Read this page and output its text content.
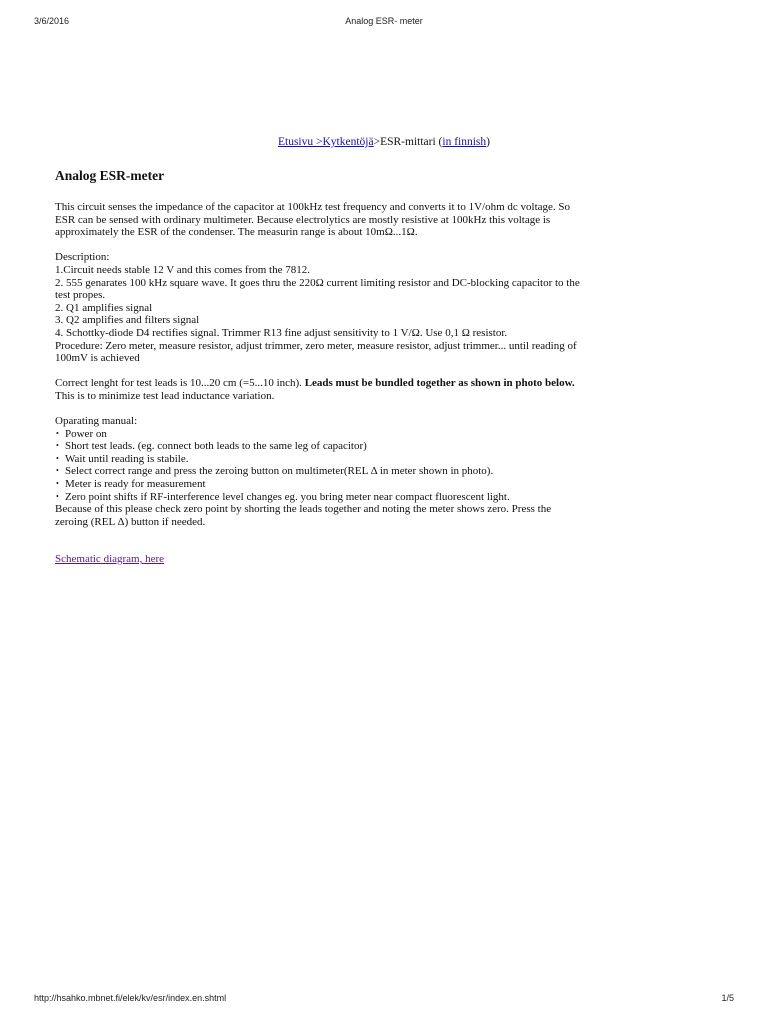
3/6/2016	Analog ESR- meter
Etusivu >Kytkentöjä>ESR-mittari (in finnish)
Analog ESR-meter

This circuit senses the impedance of the capacitor at 100kHz test frequency and converts it to 1V/ohm dc voltage. So ESR can be sensed with ordinary multimeter. Because electrolytics are mostly resistive at 100kHz this voltage is approximately the ESR of the condenser. The measurin range is about 10mΩ...1Ω.

Description:
1.Circuit needs stable 12 V and this comes from the 7812.
2. 555 genarates 100 kHz square wave. It goes thru the 220Ω current limiting resistor and DC-blocking capacitor to the test propes.
2. Q1 amplifies signal
3. Q2 amplifies and filters signal
4. Schottky-diode D4 rectifies signal. Trimmer R13 fine adjust sensitivity to 1 V/Ω. Use 0,1 Ω resistor.
Procedure: Zero meter, measure resistor, adjust trimmer, zero meter, measure resistor, adjust trimmer... until reading of 100mV is achieved

Correct lenght for test leads is 10...20 cm (=5...10 inch). Leads must be bundled together as shown in photo below. This is to minimize test lead inductance variation.

Oparating manual:
• Power on
• Short test leads. (eg. connect both leads to the same leg of capacitor)
• Wait until reading is stabile.
• Select correct range and press the zeroing button on multimeter(REL Δ in meter shown in photo).
• Meter is ready for measurement
• Zero point shifts if RF-interference level changes eg. you bring meter near compact fluorescent light.
Because of this please check zero point by shorting the leads together and noting the meter shows zero. Press the zeroing (REL Δ) button if needed.
Schematic diagram, here
http://hsahko.mbnet.fi/elek/kv/esr/index.en.shtml	1/5
